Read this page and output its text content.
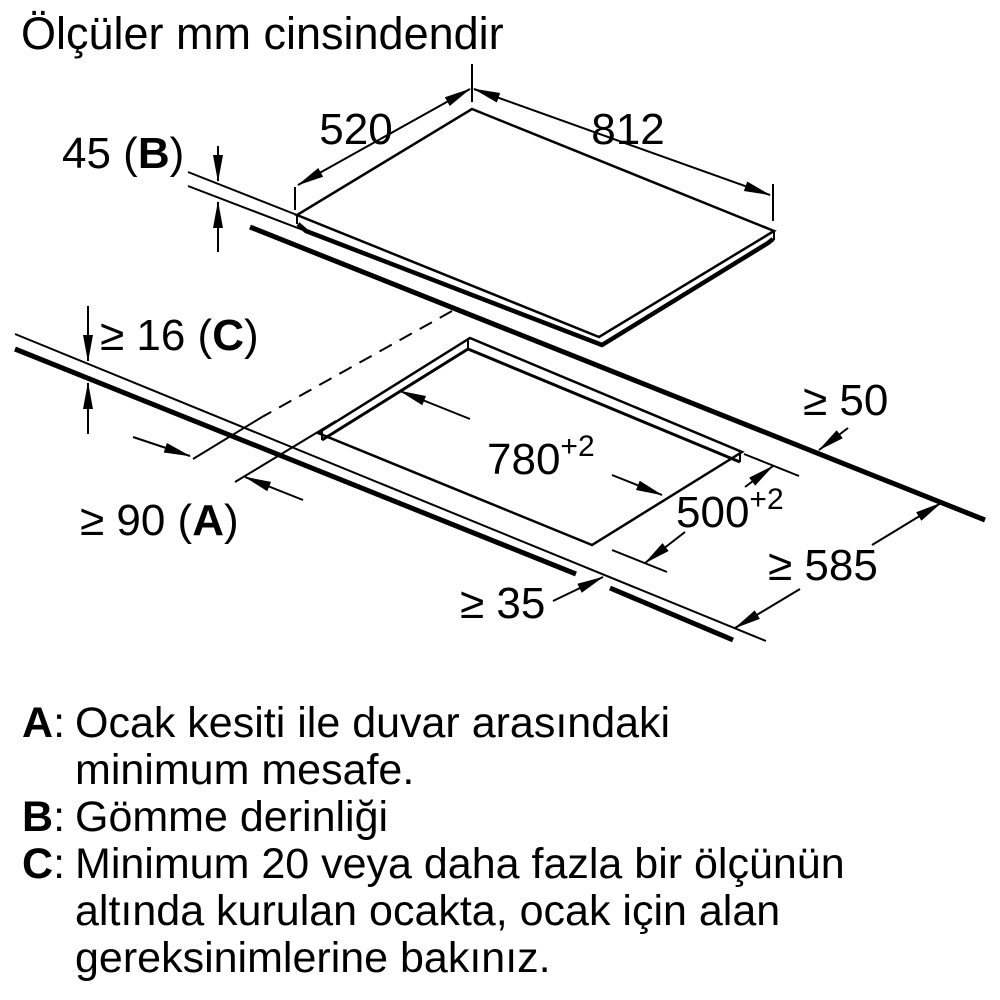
Ölçüler mm cinsindendir
520	812
45 (B)
≥ 16 (C)
$780^{+2}$
$500^{+2}$
≥ 90 (A)
≥ 50
≥ 585
≥ 35
A: Ocak kesiti ile duvar arasındaki
minimum mesafe.
B: Gömme derinliği
C: Minimum 20 veya daha fazla bir ölçünün
altında kurulan ocakta, ocak için alan
gereksinimlerine bakınız.
